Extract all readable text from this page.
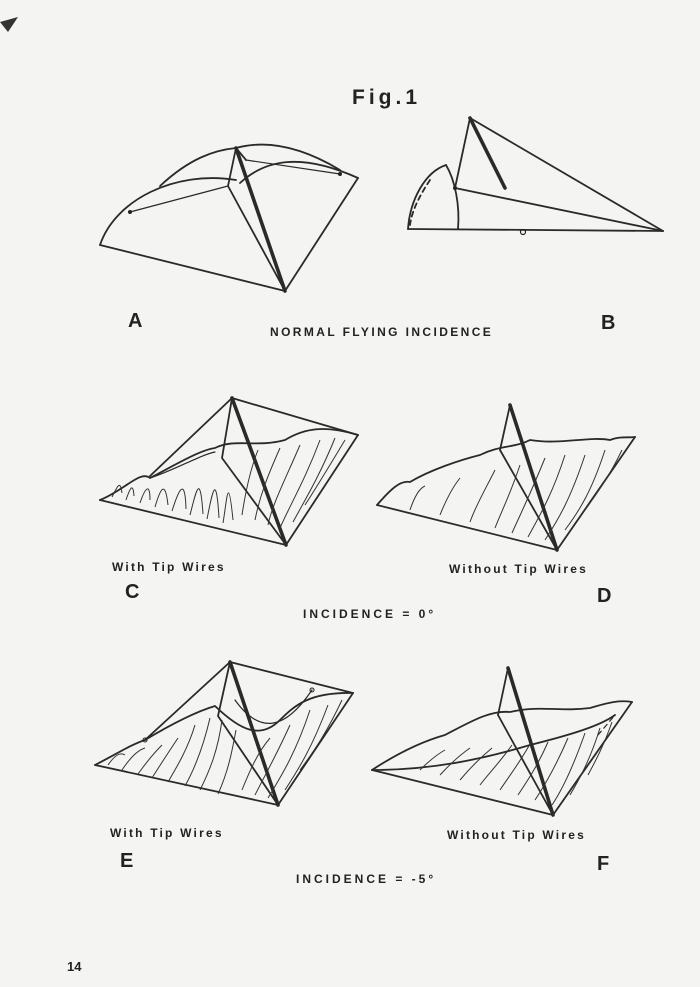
Fig.1
A	NORMAL FLYING INCIDENCE	B
With Tip Wires	Without Tip Wires
C	D
INCIDENCE = 0°
With Tip Wires	Without Tip Wires
E	F
INCIDENCE = -5°
14
